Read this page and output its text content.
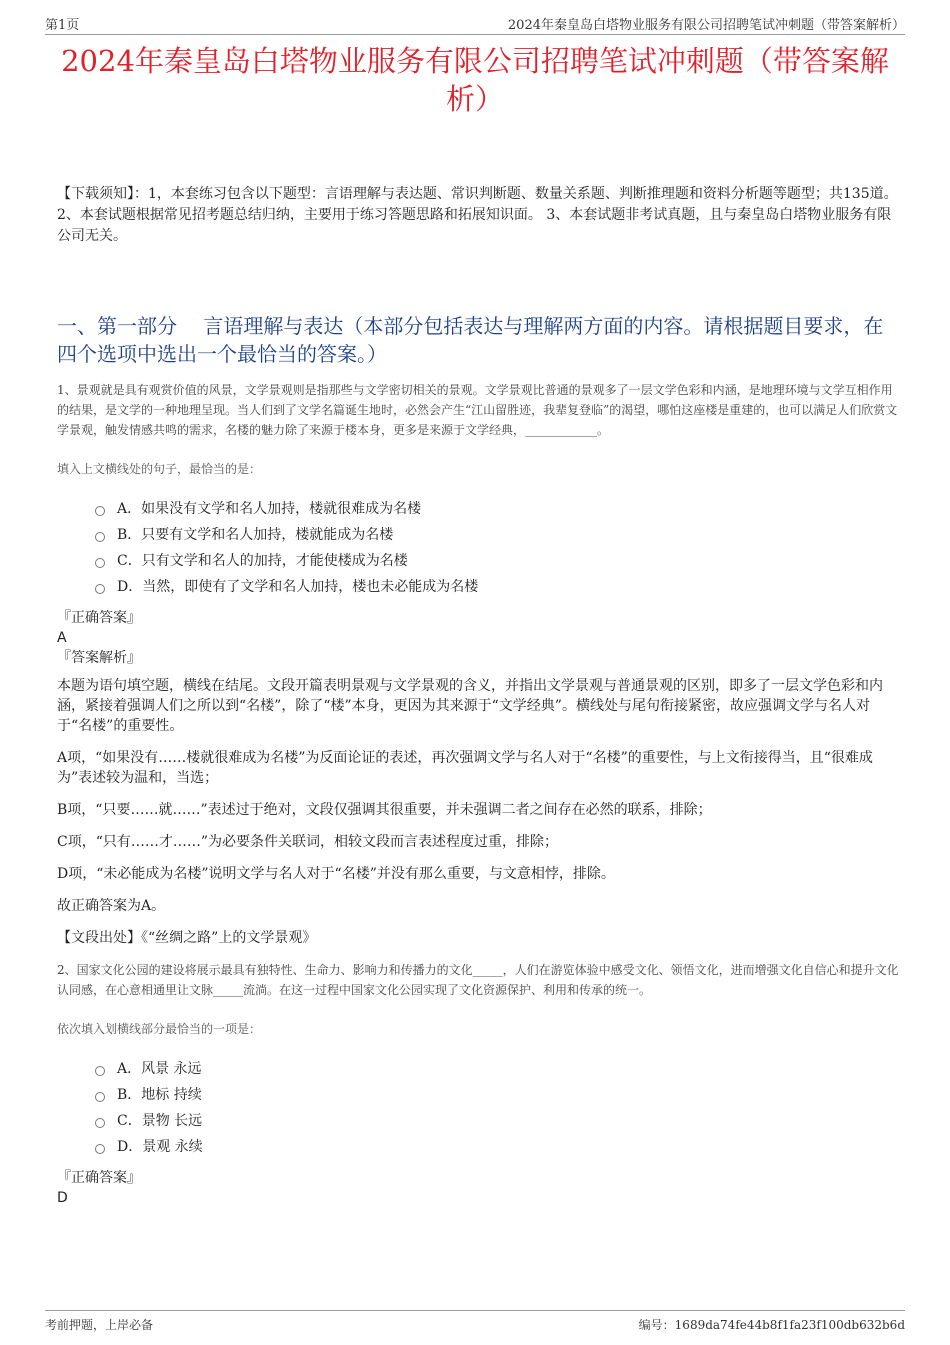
第1页	2024年秦皇岛白塔物业服务有限公司招聘笔试冲刺题（带答案解析）
2024年秦皇岛白塔物业服务有限公司招聘笔试冲刺题（带答案解析）
【下载须知】：1，本套练习包含以下题型：言语理解与表达题、常识判断题、数量关系题、判断推理题和资料分析题等题型；共135道。 2、本套试题根据常见招考题总结归纳，主要用于练习答题思路和拓展知识面。 3、本套试题非考试真题，且与秦皇岛白塔物业服务有限公司无关。
一、第一部分　 言语理解与表达（本部分包括表达与理解两方面的内容。请根据题目要求，在四个选项中选出一个最恰当的答案。）
1、景观就是具有观赏价值的风景，文学景观则是指那些与文学密切相关的景观。文学景观比普通的景观多了一层文学色彩和内涵，是地理环境与文学互相作用的结果，是文学的一种地理呈现。当人们到了文学名篇诞生地时，必然会产生“江山留胜迹，我辈复登临”的渴望，哪怕这座楼是重建的，也可以满足人们欣赏文学景观，触发情感共鸣的需求，名楼的魅力除了来源于楼本身，更多是来源于文学经典，____________。
填入上文横线处的句子，最恰当的是：
A．如果没有文学和名人加持，楼就很难成为名楼
B．只要有文学和名人加持，楼就能成为名楼
C．只有文学和名人的加持，才能使楼成为名楼
D．当然，即使有了文学和名人加持，楼也未必能成为名楼
『正确答案』
A
『答案解析』

本题为语句填空题，横线在结尾。文段开篇表明景观与文学景观的含义，并指出文学景观与普通景观的区别，即多了一层文学色彩和内涵，紧接着强调人们之所以到“名楼”，除了“楼”本身，更因为其来源于“文学经典”。横线处与尾句衔接紧密，故应强调文学与名人对于“名楼”的重要性。

A项，“如果没有……楼就很难成为名楼”为反面论证的表述，再次强调文学与名人对于“名楼”的重要性，与上文衔接得当，且“很难成为”表述较为温和，当选；

B项，“只要……就……”表述过于绝对，文段仅强调其很重要，并未强调二者之间存在必然的联系，排除；

C项，“只有……才……”为必要条件关联词，相较文段而言表述程度过重，排除；

D项，“未必能成为名楼”说明文学与名人对于“名楼”并没有那么重要，与文意相悖，排除。

故正确答案为A。

【文段出处】《“丝绸之路”上的文学景观》

2、国家文化公园的建设将展示最具有独特性、生命力、影响力和传播力的文化_____，人们在游览体验中感受文化、领悟文化，进而增强文化自信心和提升文化认同感，在心意相通里让文脉_____流淌。在这一过程中国家文化公园实现了文化资源保护、利用和传承的统一。
依次填入划横线部分最恰当的一项是：
A．风景 永远
B．地标 持续
C．景物 长远
D．景观 永续
『正确答案』
D
考前押题，上岸必备	编号：1689da74fe44b8f1fa23f100db632b6d
